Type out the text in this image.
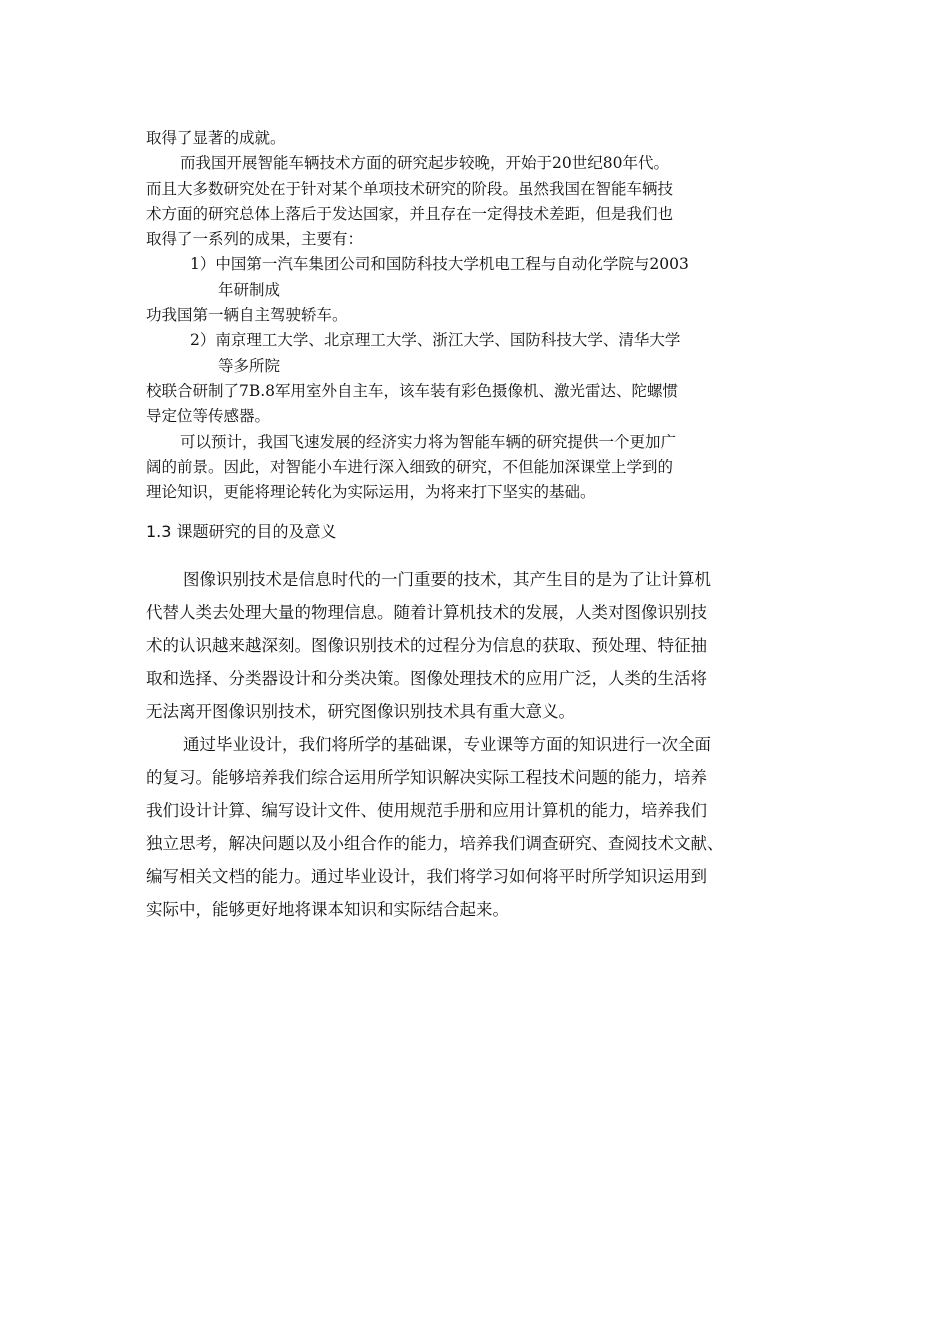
取得了显著的成就。
而我国开展智能车辆技术方面的研究起步较晚，开始于20世纪80年代。
而且大多数研究处在于针对某个单项技术研究的阶段。虽然我国在智能车辆技
术方面的研究总体上落后于发达国家，并且存在一定得技术差距，但是我们也
取得了一系列的成果，主要有：
1）中国第一汽车集团公司和国防科技大学机电工程与自动化学院与2003
年研制成
功我国第一辆自主驾驶轿车。
2）南京理工大学、北京理工大学、浙江大学、国防科技大学、清华大学
等多所院
校联合研制了7B.8军用室外自主车，该车装有彩色摄像机、激光雷达、陀螺惯
导定位等传感器。
可以预计，我国飞速发展的经济实力将为智能车辆的研究提供一个更加广
阔的前景。因此，对智能小车进行深入细致的研究，不但能加深课堂上学到的
理论知识，更能将理论转化为实际运用，为将来打下坚实的基础。
1.3 课题研究的目的及意义
图像识别技术是信息时代的一门重要的技术，其产生目的是为了让计算机
代替人类去处理大量的物理信息。随着计算机技术的发展，人类对图像识别技
术的认识越来越深刻。图像识别技术的过程分为信息的获取、预处理、特征抽
取和选择、分类器设计和分类决策。图像处理技术的应用广泛，人类的生活将
无法离开图像识别技术，研究图像识别技术具有重大意义。
通过毕业设计，我们将所学的基础课，专业课等方面的知识进行一次全面
的复习。能够培养我们综合运用所学知识解决实际工程技术问题的能力，培养
我们设计计算、编写设计文件、使用规范手册和应用计算机的能力，培养我们
独立思考，解决问题以及小组合作的能力，培养我们调查研究、查阅技术文献、
编写相关文档的能力。通过毕业设计，我们将学习如何将平时所学知识运用到
实际中，能够更好地将课本知识和实际结合起来。
